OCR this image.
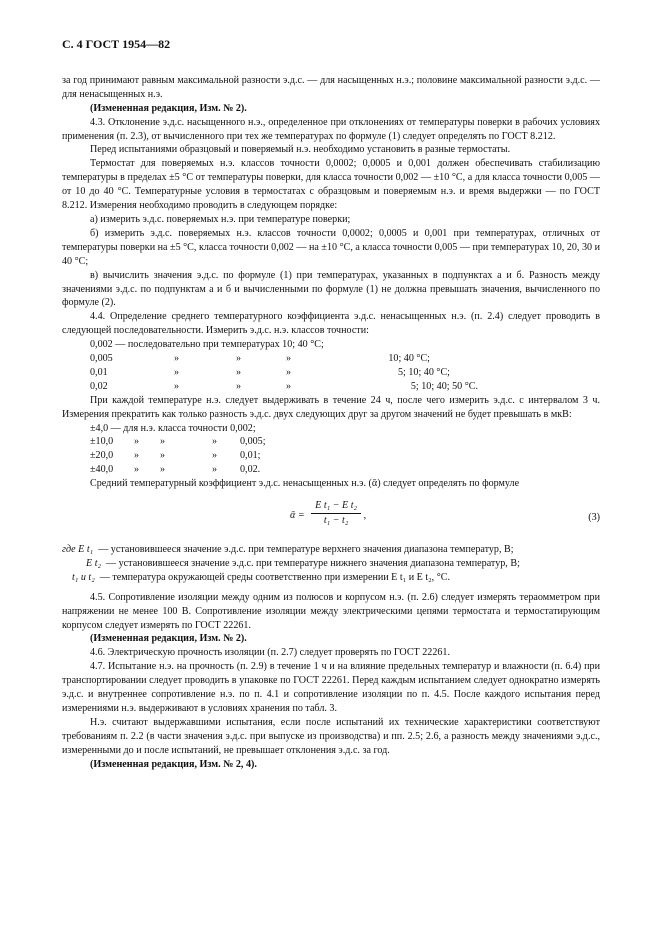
С. 4 ГОСТ 1954—82

за год принимают равным максимальной разности э.д.с. — для насыщенных н.э.; половине максимальной разности э.д.с. — для ненасыщенных н.э.

(Измененная редакция, Изм. № 2).

4.3. Отклонение э.д.с. насыщенного н.э., определенное при отклонениях от температуры поверки в рабочих условиях применения (п. 2.3), от вычисленного при тех же температурах по формуле (1) следует определять по ГОСТ 8.212.

Перед испытаниями образцовый и поверяемый н.э. необходимо установить в разные термостаты.

Термостат для поверяемых н.э. классов точности 0,0002; 0,0005 и 0,001 должен обеспечивать стабилизацию температуры в пределах ±5 °С от температуры поверки, для класса точности 0,002 — ±10 °С, а для класса точности 0,005 — от 10 до 40 °С. Температурные условия в термостатах с образцовым и поверяемым н.э. и время выдержки — по ГОСТ 8.212. Измерения необходимо проводить в следующем порядке:

а) измерить э.д.с. поверяемых н.э. при температуре поверки;

б) измерить э.д.с. поверяемых н.э. классов точности 0,0002; 0,0005 и 0,001 при температурах, отличных от температуры поверки на ±5 °С, класса точности 0,002 — на ±10 °С, а класса точности 0,005 — при температурах 10, 20, 30 и 40 °С;

в) вычислить значения э.д.с. по формуле (1) при температурах, указанных в подпунктах а и б. Разность между значениями э.д.с. по подпунктам а и б и вычисленными по формуле (1) не должна превышать значения, вычисленного по формуле (2).

4.4. Определение среднего температурного коэффициента э.д.с. ненасыщенных н.э. (п. 2.4) следует проводить в следующей последовательности. Измерить э.д.с. н.э. классов точности:

0,002 — последовательно при температурах 10; 40 °С;
0,005	»	»	»	10; 40 °С;
0,01	»	»	»	5; 10; 40 °С;
0,02	»	»	»	5; 10; 40; 50 °С.

При каждой температуре н.э. следует выдерживать в течение 24 ч, после чего измерить э.д.с. с интервалом 3 ч. Измерения прекратить как только разность э.д.с. двух следующих друг за другом значений не будет превышать в мкВ:

±4,0 — для н.э. класса точности 0,002;
±10,0	»	»	»	0,005;
±20,0	»	»	»	0,01;
±40,0	»	»	»	0,02.

Средний температурный коэффициент э.д.с. ненасыщенных н.э. (ᾱ) следует определять по формуле

ᾱ = $\frac{\text{E t₁ − E t₂}}{\text{t₁ − t₂}}$ ,	(3)
где E t₁ — установившееся значение э.д.с. при температуре верхнего значения диапазона температур, В;
E t₂ — установившееся значение э.д.с. при температуре нижнего значения диапазона температур, В;
t₁ и t₂ — температура окружающей среды соответственно при измерении E t₁ и E t₂, °С.

4.5. Сопротивление изоляции между одним из полюсов и корпусом н.э. (п. 2.6) следует измерять тераомметром при напряжении не менее 100 В. Сопротивление изоляции между электрическими цепями термостата и термостатирующим корпусом следует измерять по ГОСТ 22261.

(Измененная редакция, Изм. № 2).

4.6. Электрическую прочность изоляции (п. 2.7) следует проверять по ГОСТ 22261.

4.7. Испытание н.э. на прочность (п. 2.9) в течение 1 ч и на влияние предельных температур и влажности (п. 6.4) при транспортировании следует проводить в упаковке по ГОСТ 22261. Перед каждым испытанием следует однократно измерять э.д.с. и внутреннее сопротивление н.э. по п. 4.1 и сопротивление изоляции по п. 4.5. После каждого испытания перед измерениями н.э. выдерживают в условиях хранения по табл. 3.

Н.э. считают выдержавшими испытания, если после испытаний их технические характеристики соответствуют требованиям п. 2.2 (в части значения э.д.с. при выпуске из производства) и пп. 2.5; 2.6, а разность между значениями э.д.с., измеренными до и после испытаний, не превышает отклонения э.д.с. за год.

(Измененная редакция, Изм. № 2, 4).
